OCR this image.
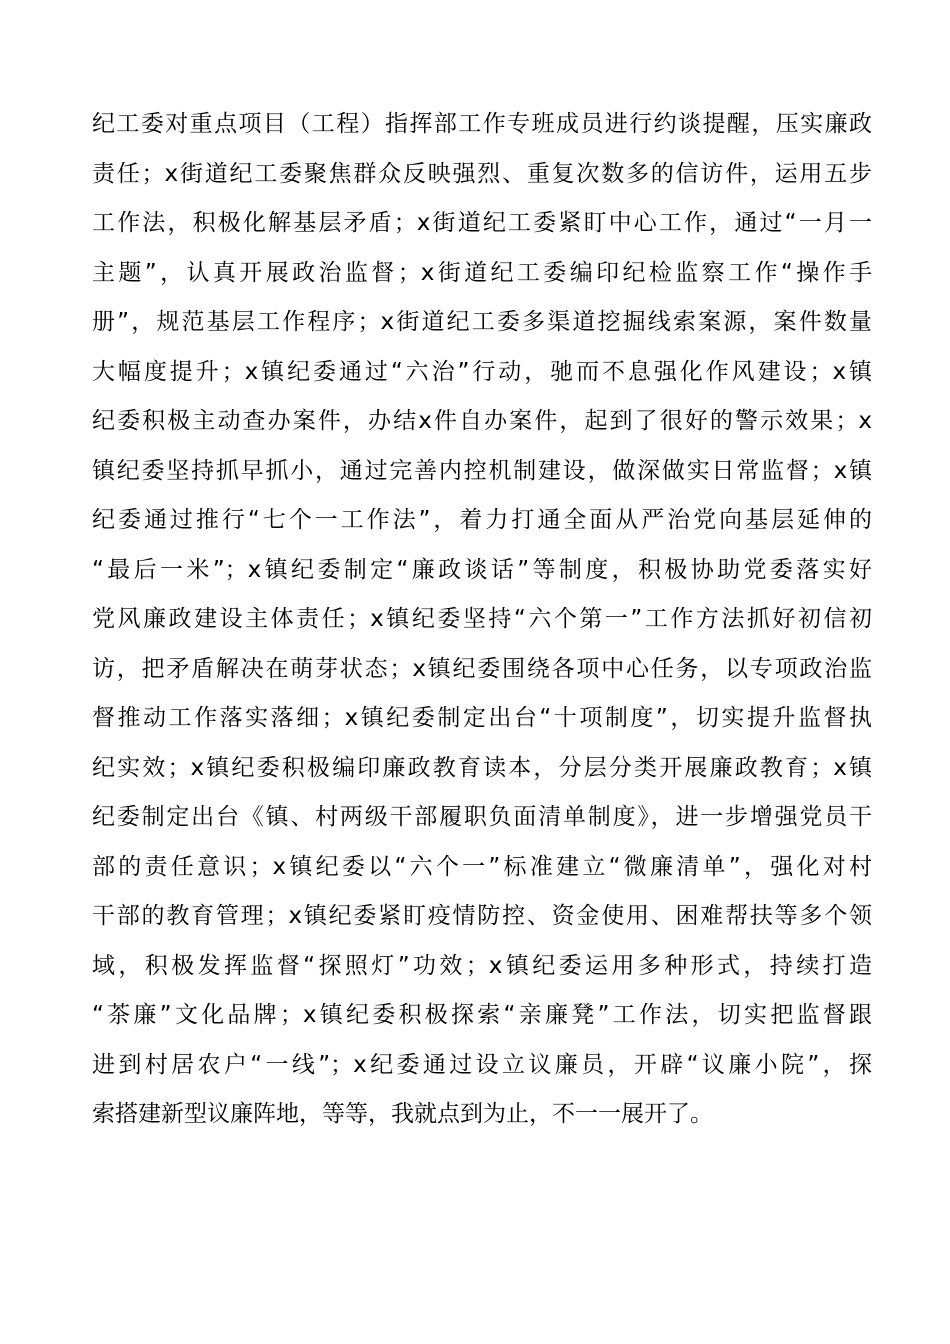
纪工委对重点项目（工程）指挥部工作专班成员进行约谈提醒，压实廉政
责任；x街道纪工委聚焦群众反映强烈、重复次数多的信访件，运用五步
工作法，积极化解基层矛盾；x街道纪工委紧盯中心工作，通过“一月一
主题”，认真开展政治监督；x街道纪工委编印纪检监察工作“操作手
册”，规范基层工作程序；x街道纪工委多渠道挖掘线索案源，案件数量
大幅度提升；x镇纪委通过“六治”行动，驰而不息强化作风建设；x镇
纪委积极主动查办案件，办结x件自办案件，起到了很好的警示效果；x
镇纪委坚持抓早抓小，通过完善内控机制建设，做深做实日常监督；x镇
纪委通过推行“七个一工作法”，着力打通全面从严治党向基层延伸的
“最后一米”；x镇纪委制定“廉政谈话”等制度，积极协助党委落实好
党风廉政建设主体责任；x镇纪委坚持“六个第一”工作方法抓好初信初
访，把矛盾解决在萌芽状态；x镇纪委围绕各项中心任务，以专项政治监
督推动工作落实落细；x镇纪委制定出台“十项制度”，切实提升监督执
纪实效；x镇纪委积极编印廉政教育读本，分层分类开展廉政教育；x镇
纪委制定出台《镇、村两级干部履职负面清单制度》，进一步增强党员干
部的责任意识；x镇纪委以“六个一”标准建立“微廉清单”，强化对村
干部的教育管理；x镇纪委紧盯疫情防控、资金使用、困难帮扶等多个领
域，积极发挥监督“探照灯”功效；x镇纪委运用多种形式，持续打造
“茶廉”文化品牌；x镇纪委积极探索“亲廉凳”工作法，切实把监督跟
进到村居农户“一线”；x纪委通过设立议廉员，开辟“议廉小院”，探
索搭建新型议廉阵地，等等，我就点到为止，不一一展开了。
